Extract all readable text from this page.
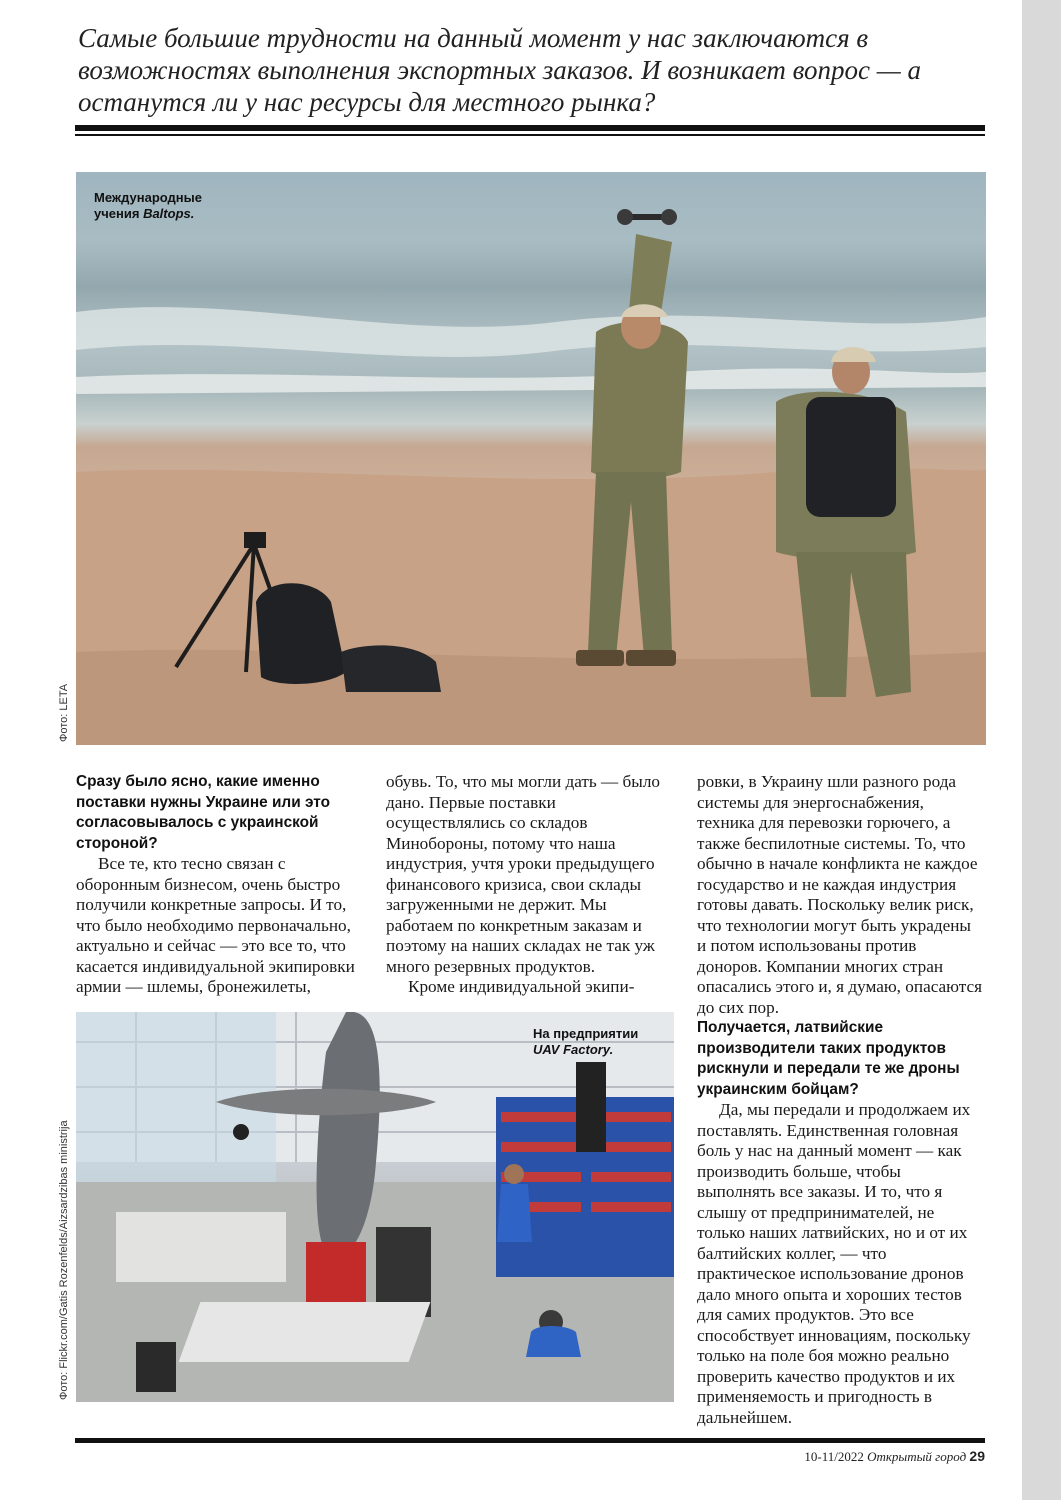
Самые большие трудности на данный момент у нас заключаются в возможностях выполнения экспортных заказов. И возникает вопрос — а останутся ли у нас ресурсы для местного рынка?

Международные
учения Baltops.
Фото: LETA

Сразу было ясно, какие именно поставки нужны Украине или это согласовывалось с украинской стороной?

Все те, кто тесно связан с оборонным бизнесом, очень быстро получили конкретные запросы. И то, что было необходимо первоначально, актуально и сейчас — это все то, что касается индивидуальной экипировки армии — шлемы, бронежилеты,

обувь. То, что мы могли дать — было дано. Первые поставки осуществлялись со складов Минобороны, потому что наша индустрия, учтя уроки предыдущего финансового кризиса, свои склады загруженными не держит. Мы работаем по конкретным заказам и поэтому на наших складах не так уж много резервных продуктов.

Кроме индивидуальной экипи-

На предприятии
UAV Factory.
Фото: Flickr.com/Gatis Rozenfelds/Aizsardzibas ministrija

ровки, в Украину шли разного рода системы для энергоснабжения, техника для перевозки горючего, а также беспилотные системы. То, что обычно в начале конфликта не каждое государство и не каждая индустрия готовы давать. Поскольку велик риск, что технологии могут быть украдены и потом использованы против доноров. Компании многих стран опасались этого и, я думаю, опасаются до сих пор.

Получается, латвийские производители таких продуктов рискнули и передали те же дроны украинским бойцам?

Да, мы передали и продолжаем их поставлять. Единственная головная боль у нас на данный момент — как производить больше, чтобы выполнять все заказы. И то, что я слышу от предпринимателей, не только наших латвийских, но и от их балтийских коллег, — что практическое использование дронов дало много опыта и хороших тестов для самих продуктов. Это все способствует инновациям, поскольку только на поле боя можно реально проверить качество продуктов и их применяемость и пригодность в дальнейшем.

10-11/2022 Открытый город 29
